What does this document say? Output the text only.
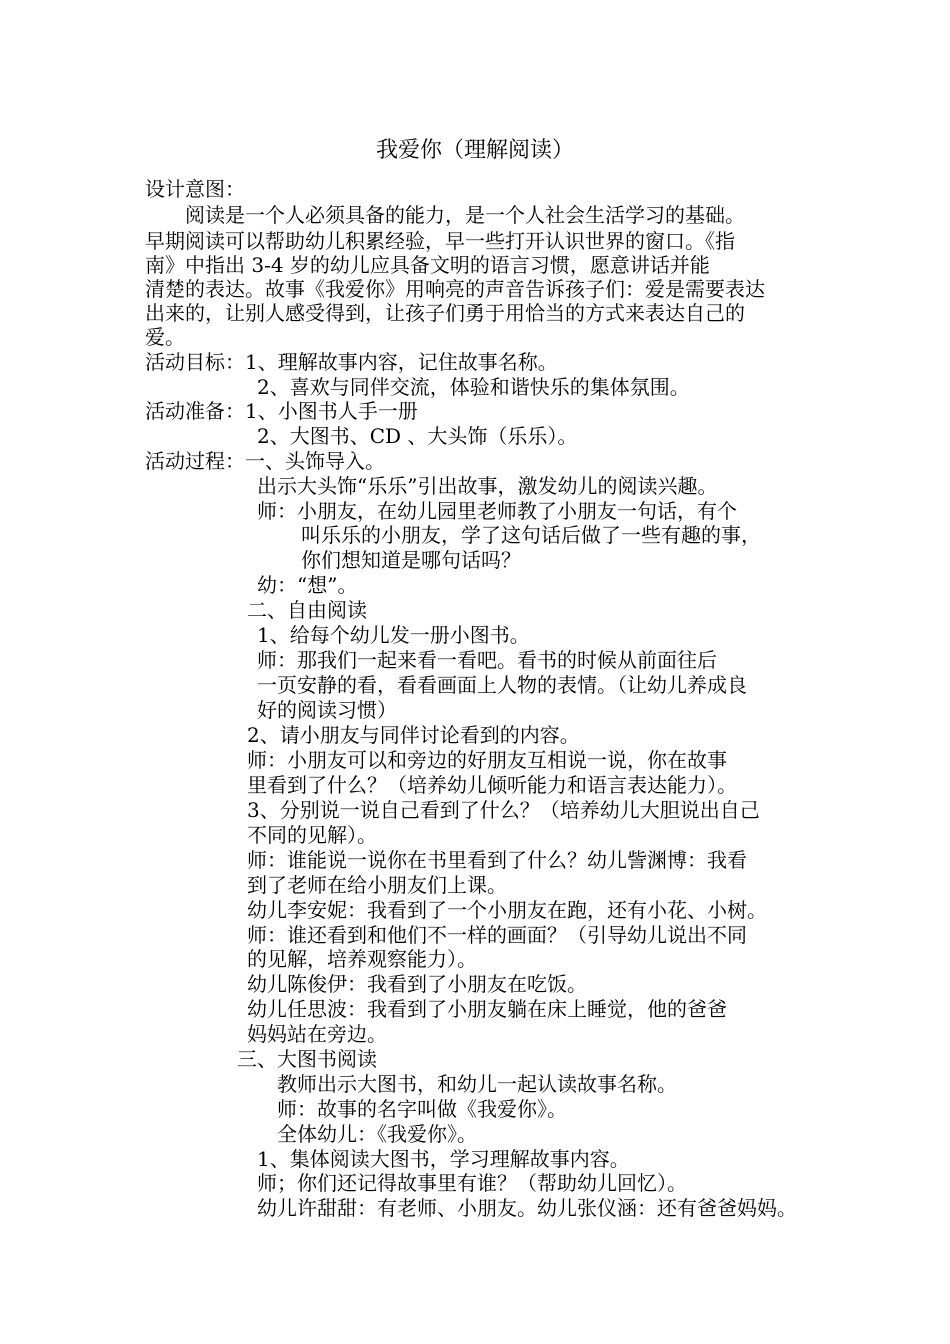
我爱你（理解阅读）
设计意图：
阅读是一个人必须具备的能力，是一个人社会生活学习的基础。
早期阅读可以帮助幼儿积累经验，早一些打开认识世界的窗口。《指
南》中指出 3-4 岁的幼儿应具备文明的语言习惯，愿意讲话并能
清楚的表达。故事《我爱你》用响亮的声音告诉孩子们：爱是需要表达
出来的，让别人感受得到，让孩子们勇于用恰当的方式来表达自己的
爱。
活动目标：1、理解故事内容，记住故事名称。
2、喜欢与同伴交流，体验和谐快乐的集体氛围。
活动准备：1、小图书人手一册
2、大图书、CD 、大头饰（乐乐）。
活动过程：一、头饰导入。
出示大头饰“乐乐”引出故事，激发幼儿的阅读兴趣。
师：小朋友，在幼儿园里老师教了小朋友一句话，有个
叫乐乐的小朋友，学了这句话后做了一些有趣的事，
你们想知道是哪句话吗？
幼：“想”。
二、自由阅读
1、给每个幼儿发一册小图书。
师：那我们一起来看一看吧。看书的时候从前面往后
一页安静的看，看看画面上人物的表情。（让幼儿养成良
好的阅读习惯）
2、请小朋友与同伴讨论看到的内容。
师：小朋友可以和旁边的好朋友互相说一说，你在故事
里看到了什么？（培养幼儿倾听能力和语言表达能力）。
3、分别说一说自己看到了什么？（培养幼儿大胆说出自己
不同的见解）。
师：谁能说一说你在书里看到了什么？幼儿訾渊博：我看
到了老师在给小朋友们上课。
幼儿李安妮：我看到了一个小朋友在跑，还有小花、小树。
师：谁还看到和他们不一样的画面？（引导幼儿说出不同
的见解，培养观察能力）。
幼儿陈俊伊：我看到了小朋友在吃饭。
幼儿任思波：我看到了小朋友躺在床上睡觉，他的爸爸
妈妈站在旁边。
三、大图书阅读
教师出示大图书，和幼儿一起认读故事名称。
师：故事的名字叫做《我爱你》。
全体幼儿：《我爱你》。
1、集体阅读大图书，学习理解故事内容。
师；你们还记得故事里有谁？（帮助幼儿回忆）。
幼儿许甜甜：有老师、小朋友。幼儿张仪涵：还有爸爸妈妈。
